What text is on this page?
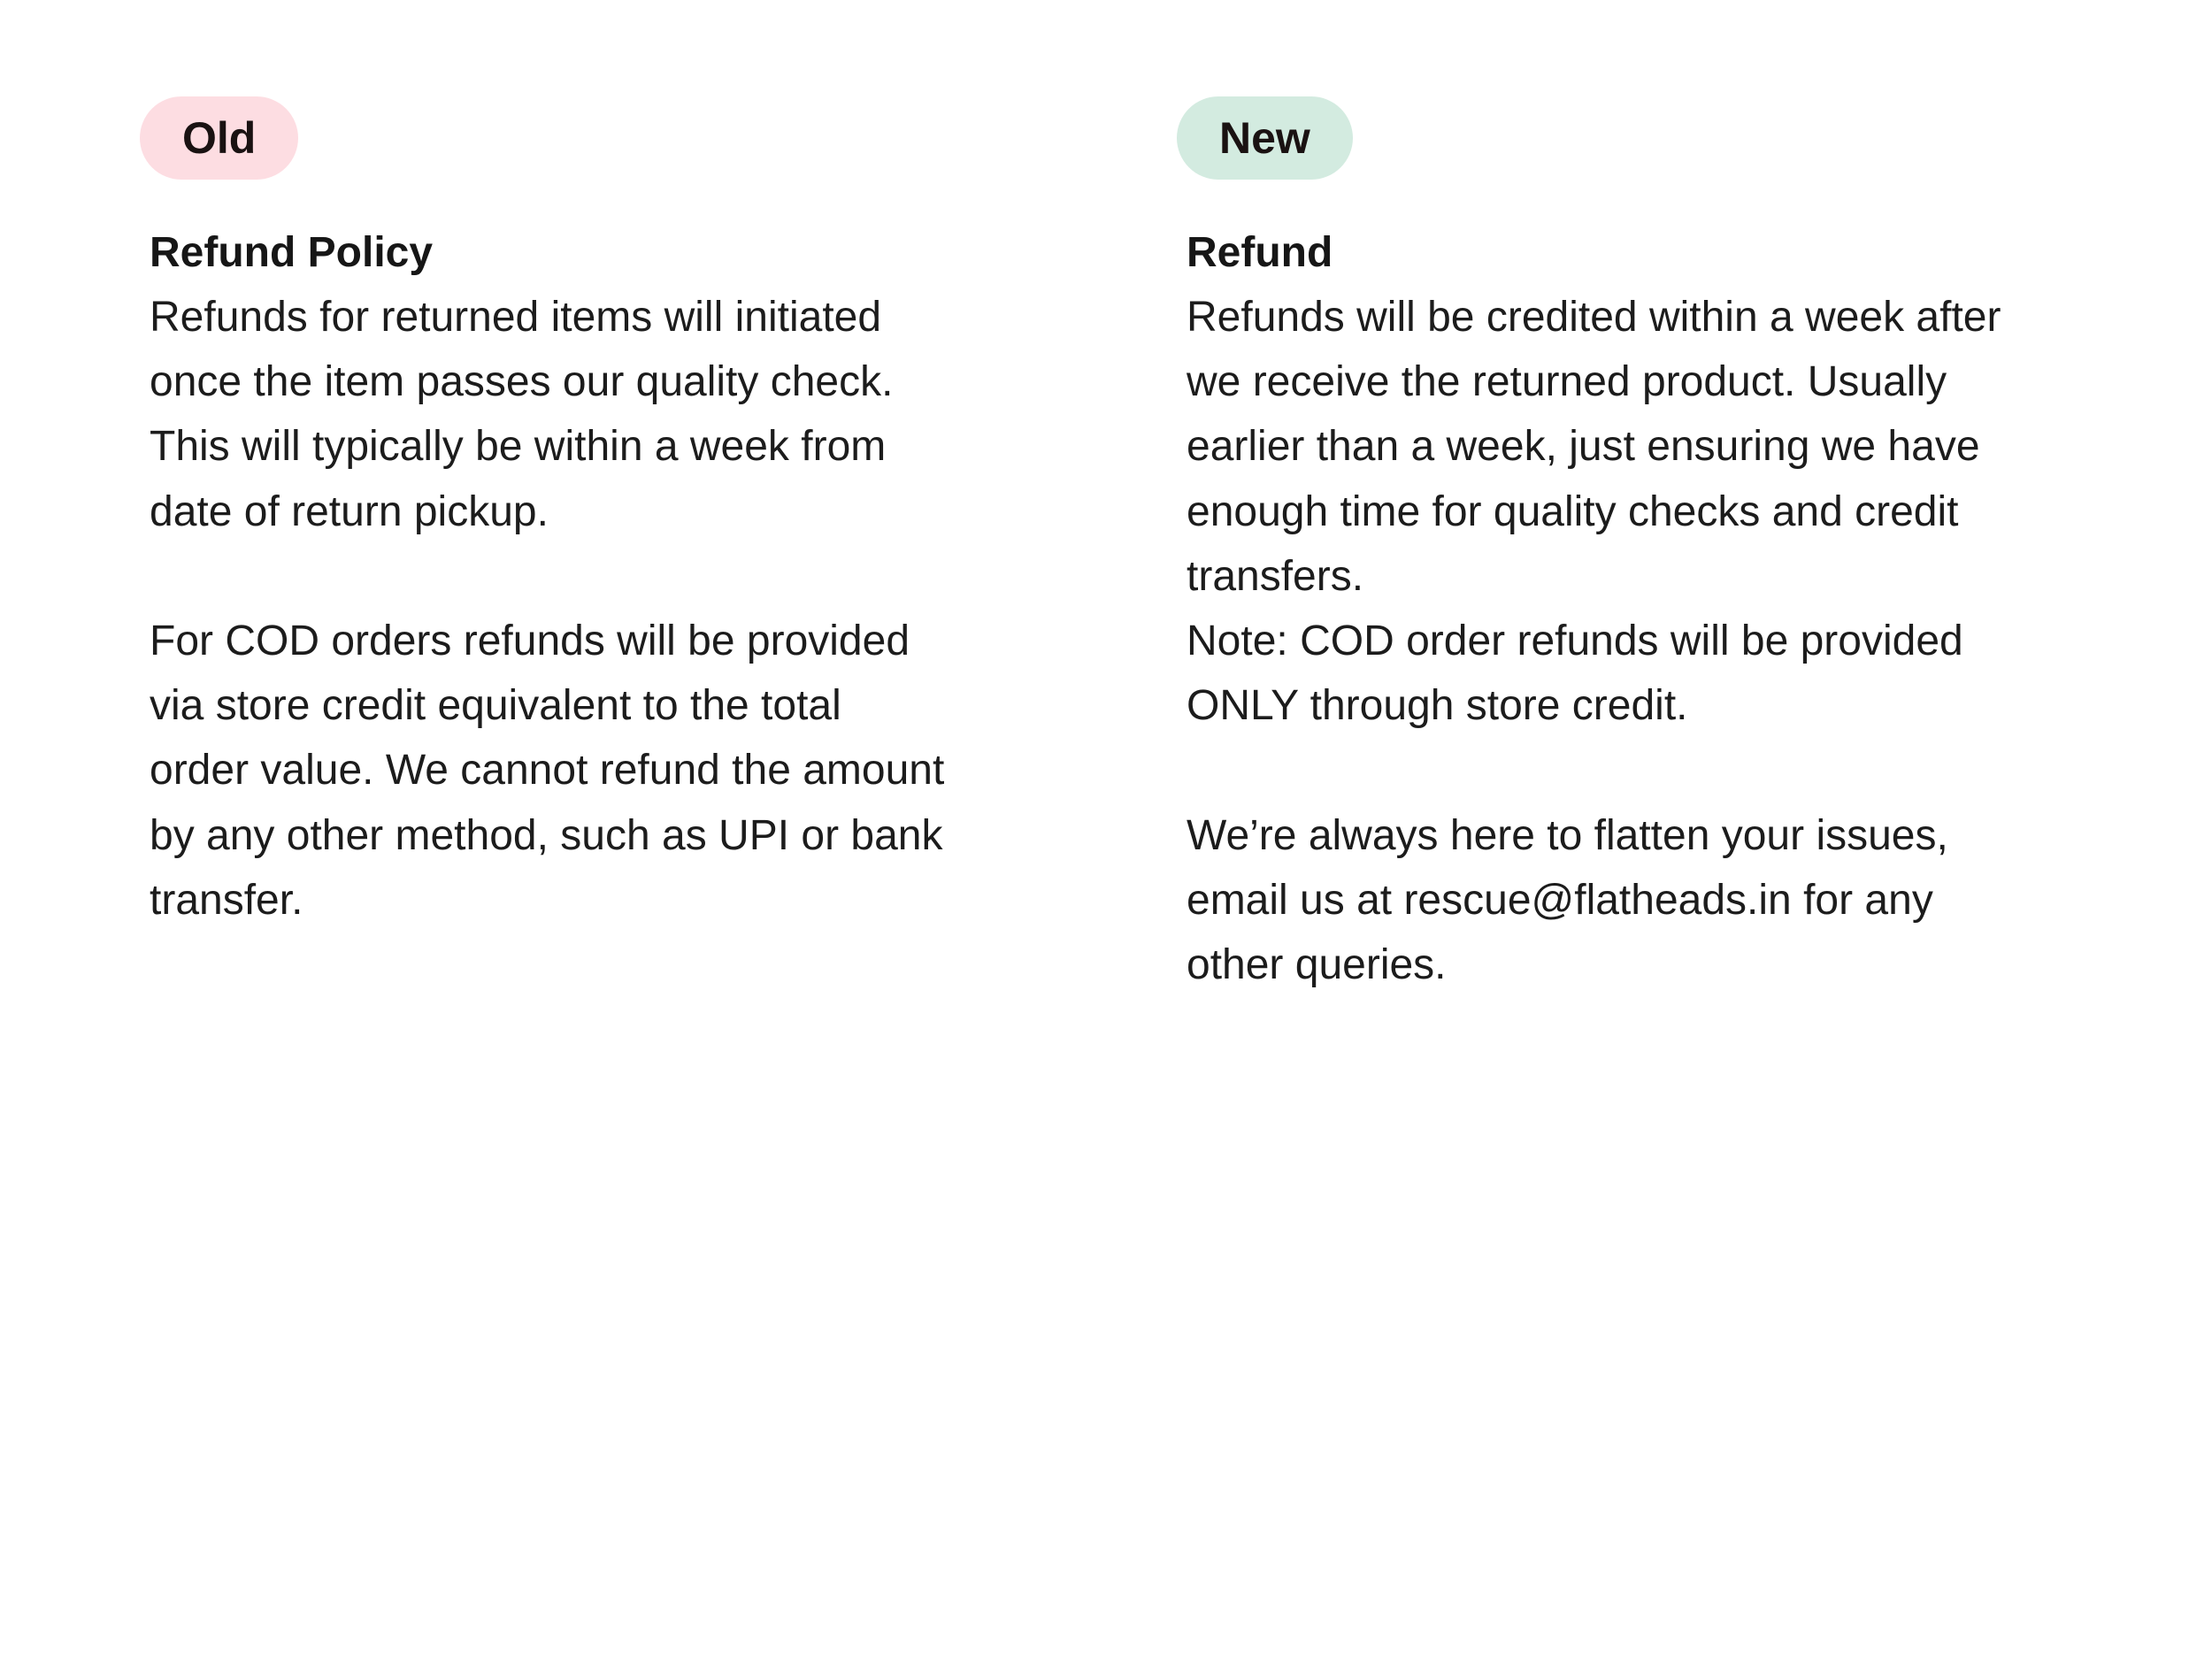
Old
Refund Policy
Refunds for returned items will initiated
once the item passes our quality check.
This will typically be within a week from
date of return pickup.
For COD orders refunds will be provided
via store credit equivalent to the total
order value. We cannot refund the amount
by any other method, such as UPI or bank
transfer.
New
Refund
Refunds will be credited within a week after
we receive the returned product. Usually
earlier than a week, just ensuring we have
enough time for quality checks and credit
transfers.
Note: COD order refunds will be provided
ONLY through store credit.
We’re always here to flatten your issues,
email us at rescue@flatheads.in for any
other queries.
